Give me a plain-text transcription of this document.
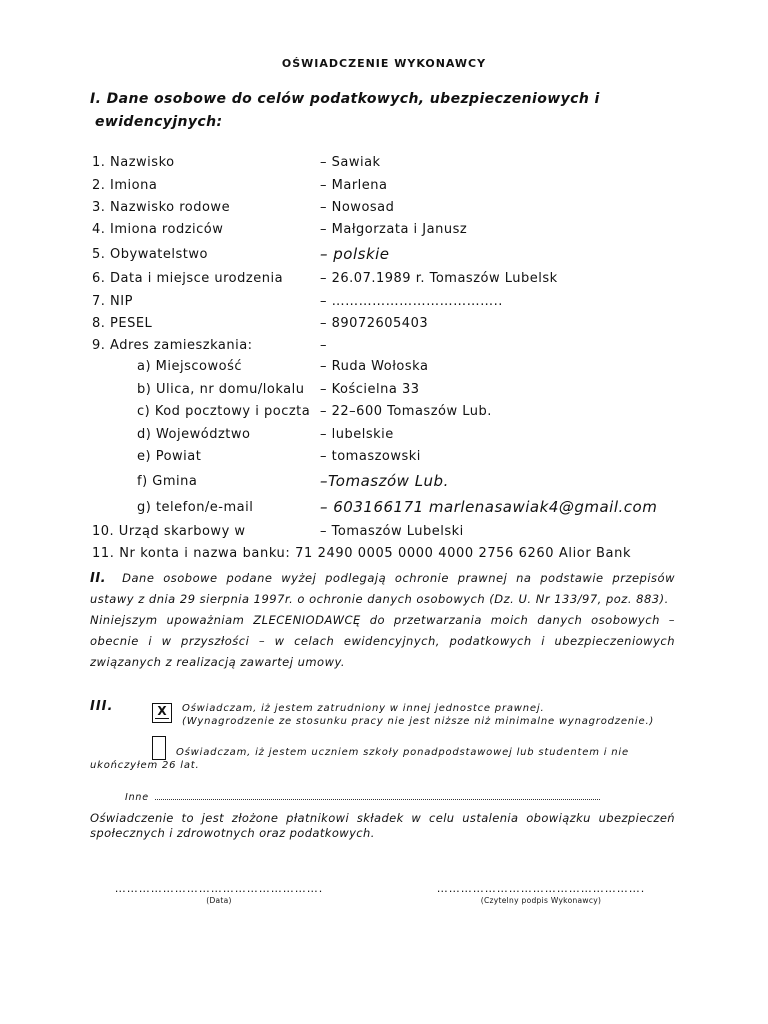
OŚWIADCZENIE WYKONAWCY
I. Dane osobowe do celów podatkowych, ubezpieczeniowych i
ewidencyjnych:
1. Nazwisko	– Sawiak
2. Imiona	– Marlena
3. Nazwisko rodowe	– Nowosad
4. Imiona rodziców	– Małgorzata i Janusz
5. Obywatelstwo	– polskie
6. Data i miejsce urodzenia	– 26.07.1989 r. Tomaszów Lubelsk
7. NIP	– ………………………………..
8. PESEL	– 89072605403
9. Adres zamieszkania:	–
a) Miejscowość	– Ruda Wołoska
b) Ulica, nr domu/lokalu – Kościelna 33
c) Kod pocztowy i poczta – 22–600 Tomaszów Lub.
d) Województwo	– lubelskie
e) Powiat	– tomaszowski
f) Gmina	–Tomaszów Lub.
g) telefon/e-mail	– 603166171 marlenasawiak4@gmail.com
10. Urząd skarbowy w	– Tomaszów Lubelski
11. Nr konta i nazwa banku: 71 2490 0005 0000 4000 2756 6260 Alior Bank
II. Dane osobowe podane wyżej podlegają ochronie prawnej na podstawie przepisów ustawy z dnia 29 sierpnia 1997r. o ochronie danych osobowych (Dz. U. Nr 133/97, poz. 883).
Niniejszym upoważniam ZLECENIODAWCĘ do przetwarzania moich danych osobowych – obecnie i w przyszłości – w celach ewidencyjnych, podatkowych i ubezpieczeniowych związanych z realizacją zawartej umowy.
III.	X Oświadczam, iż jestem zatrudniony w innej jednostce prawnej.
(Wynagrodzenie ze stosunku pracy nie jest niższe niż minimalne wynagrodzenie.)
Oświadczam, iż jestem uczniem szkoły ponadpodstawowej lub studentem i nie
ukończyłem 26 lat.
Inne
Oświadczenie to jest złożone płatnikowi składek w celu ustalenia obowiązku ubezpieczeń społecznych i zdrowotnych oraz podatkowych.
…………………………………………….
(Data)
…………………………………………….
(Czytelny podpis Wykonawcy)
